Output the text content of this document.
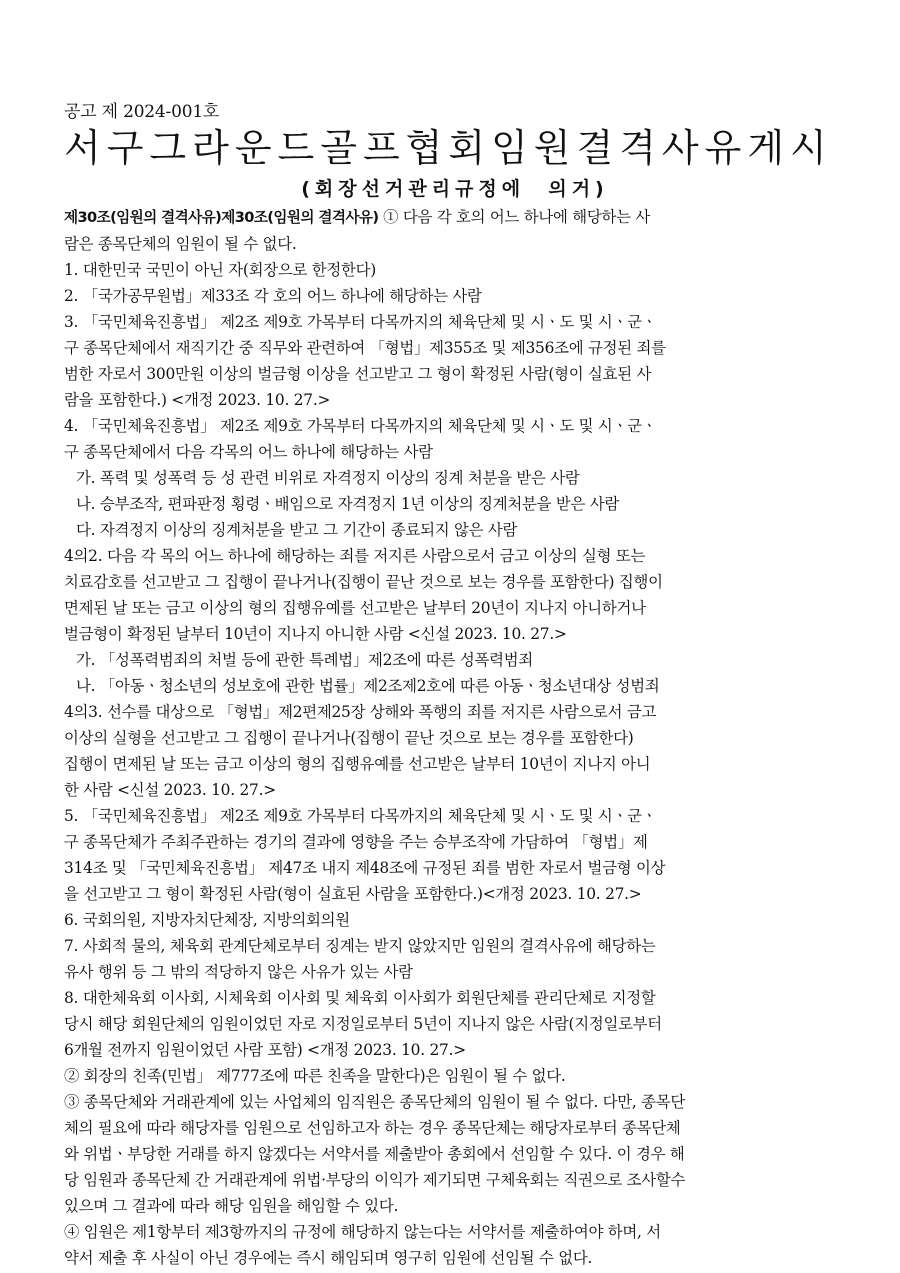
공고 제 2024-001호

서구그라운드골프협회임원결격사유게시

(회장선거관리규정에  의거)

제30조(임원의 결격사유)제30조(임원의 결격사유) ① 다음 각 호의 어느 하나에 해당하는 사
람은 종목단체의 임원이 될 수 없다.
1. 대한민국 국민이 아닌 자(회장으로 한정한다)
2. 「국가공무원법」제33조 각 호의 어느 하나에 해당하는 사람
3. 「국민체육진흥법」 제2조 제9호 가목부터 다목까지의 체육단체 및 시ㆍ도 및 시ㆍ군ㆍ
구 종목단체에서 재직기간 중 직무와 관련하여 「형법」제355조 및 제356조에 규정된 죄를
범한 자로서 300만원 이상의 벌금형 이상을 선고받고 그 형이 확정된 사람(형이 실효된 사
람을 포함한다.) <개정 2023. 10. 27.>
4. 「국민체육진흥법」 제2조 제9호 가목부터 다목까지의 체육단체 및 시ㆍ도 및 시ㆍ군ㆍ
구 종목단체에서 다음 각목의 어느 하나에 해당하는 사람
가. 폭력 및 성폭력 등 성 관련 비위로 자격정지 이상의 징계 처분을 받은 사람
나. 승부조작, 편파판정 횡령ㆍ배임으로 자격정지 1년 이상의 징계처분을 받은 사람
다. 자격정지 이상의 징계처분을 받고 그 기간이 종료되지 않은 사람
4의2. 다음 각 목의 어느 하나에 해당하는 죄를 저지른 사람으로서 금고 이상의 실형 또는
치료감호를 선고받고 그 집행이 끝나거나(집행이 끝난 것으로 보는 경우를 포함한다) 집행이
면제된 날 또는 금고 이상의 형의 집행유예를 선고받은 날부터 20년이 지나지 아니하거나
벌금형이 확정된 날부터 10년이 지나지 아니한 사람 <신설 2023. 10. 27.>
가. 「성폭력범죄의 처벌 등에 관한 특례법」제2조에 따른 성폭력범죄
나. 「아동ㆍ청소년의 성보호에 관한 법률」제2조제2호에 따른 아동ㆍ청소년대상 성범죄
4의3. 선수를 대상으로 「형법」제2편제25장 상해와 폭행의 죄를 저지른 사람으로서 금고
이상의 실형을 선고받고 그 집행이 끝나거나(집행이 끝난 것으로 보는 경우를 포함한다)
집행이 면제된 날 또는 금고 이상의 형의 집행유예를 선고받은 날부터 10년이 지나지 아니
한 사람 <신설 2023. 10. 27.>
5. 「국민체육진흥법」 제2조 제9호 가목부터 다목까지의 체육단체 및 시ㆍ도 및 시ㆍ군ㆍ
구 종목단체가 주최주관하는 경기의 결과에 영향을 주는 승부조작에 가담하여 「형법」제
314조 및 「국민체육진흥법」 제47조 내지 제48조에 규정된 죄를 범한 자로서 벌금형 이상
을 선고받고 그 형이 확정된 사람(형이 실효된 사람을 포함한다.)<개정 2023. 10. 27.>
6. 국회의원, 지방자치단체장, 지방의회의원
7. 사회적 물의, 체육회 관계단체로부터 징계는 받지 않았지만 임원의 결격사유에 해당하는
유사 행위 등 그 밖의 적당하지 않은 사유가 있는 사람
8. 대한체육회 이사회, 시체육회 이사회 및 체육회 이사회가 회원단체를 관리단체로 지정할
당시 해당 회원단체의 임원이었던 자로 지정일로부터 5년이 지나지 않은 사람(지정일로부터
6개월 전까지 임원이었던 사람 포함) <개정 2023. 10. 27.>
② 회장의 친족(민법」 제777조에 따른 친족을 말한다)은 임원이 될 수 없다.
③ 종목단체와 거래관계에 있는 사업체의 임직원은 종목단체의 임원이 될 수 없다. 다만, 종목단
체의 필요에 따라 해당자를 임원으로 선임하고자 하는 경우 종목단체는 해당자로부터 종목단체
와 위법ㆍ부당한 거래를 하지 않겠다는 서약서를 제출받아 총회에서 선임할 수 있다. 이 경우 해
당 임원과 종목단체 간 거래관계에 위법·부당의 이익가 제기되면 구체육회는 직권으로 조사할수
있으며 그 결과에 따라 해당 임원을 해임할 수 있다.
④ 임원은 제1항부터 제3항까지의 규정에 해당하지 않는다는 서약서를 제출하여야 하며, 서
약서 제출 후 사실이 아닌 경우에는 즉시 해임되며 영구히 임원에 선임될 수 없다.
